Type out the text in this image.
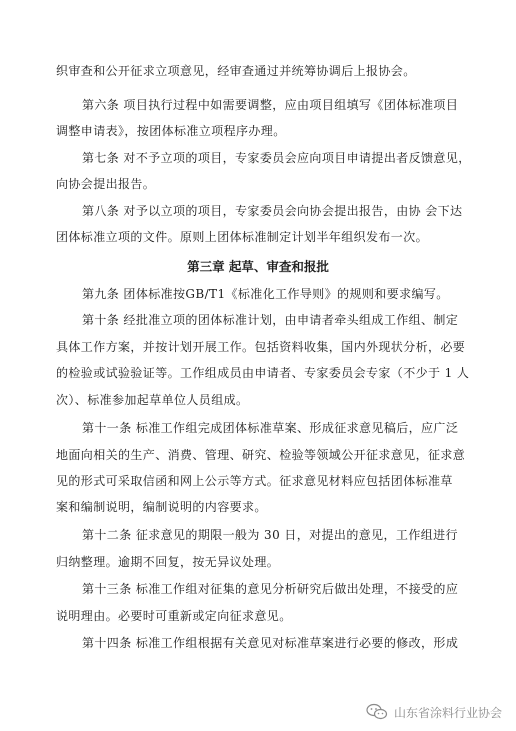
织审查和公开征求立项意见，经审查通过并统筹协调后上报协会。
第六条 项目执行过程中如需要调整，应由项目组填写《团体标准项目
调整申请表》，按团体标准立项程序办理。
第七条 对不予立项的项目，专家委员会应向项目申请提出者反馈意见，
向协会提出报告。
第八条 对予以立项的项目，专家委员会向协会提出报告，由协 会下达
团体标准立项的文件。原则上团体标准制定计划半年组织发布一次。
第三章 起草、审查和报批
第九条 团体标准按GB/T1《标准化工作导则》的规则和要求编写。
第十条 经批准立项的团体标准计划，由申请者牵头组成工作组、制定
具体工作方案，并按计划开展工作。包括资料收集，国内外现状分析，必要
的检验或试验验证等。工作组成员由申请者、专家委员会专家（不少于 1 人
次）、标准参加起草单位人员组成。
第十一条 标准工作组完成团体标准草案、形成征求意见稿后，应广泛
地面向相关的生产、消费、管理、研究、检验等领域公开征求意见，征求意
见的形式可采取信函和网上公示等方式。征求意见材料应包括团体标准草
案和编制说明，编制说明的内容要求。
第十二条 征求意见的期限一般为 30 日，对提出的意见，工作组进行
归纳整理。逾期不回复，按无异议处理。
第十三条 标准工作组对征集的意见分析研究后做出处理，不接受的应
说明理由。必要时可重新或定向征求意见。
第十四条 标准工作组根据有关意见对标准草案进行必要的修改，形成
山东省涂料行业协会
